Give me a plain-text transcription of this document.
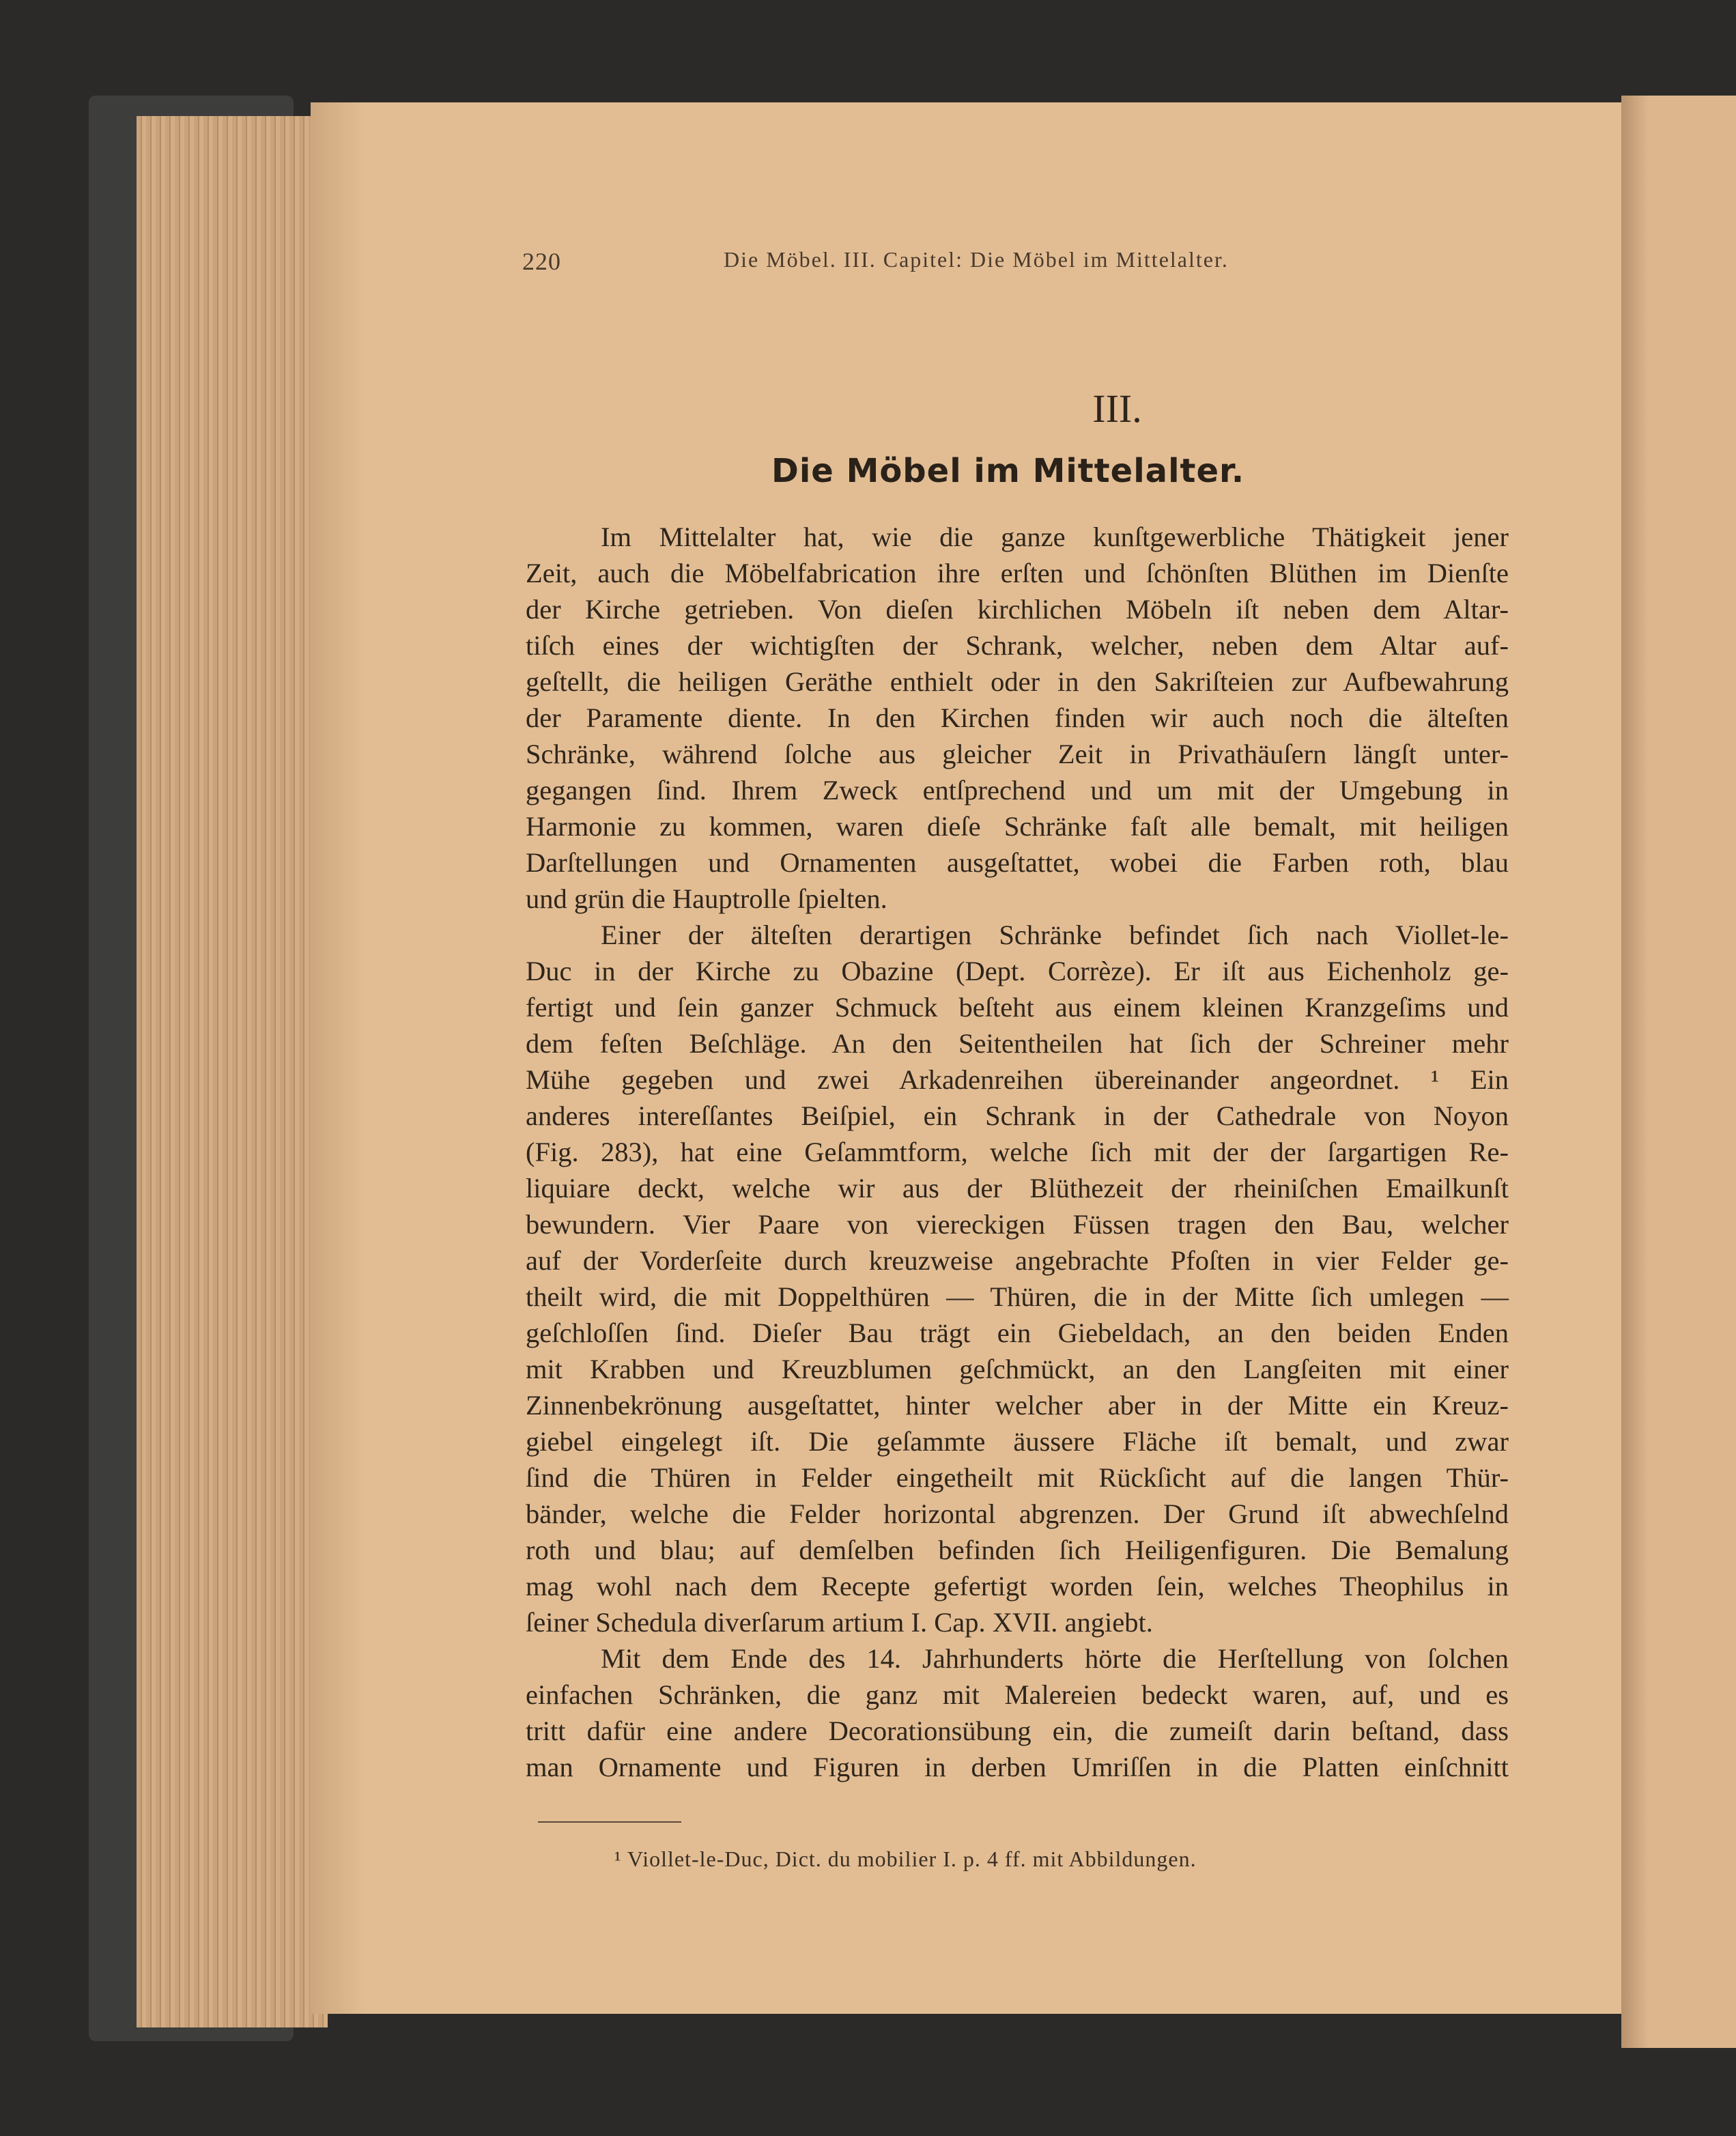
220	Die Möbel. III. Capitel: Die Möbel im Mittelalter.
III.
Die Möbel im Mittelalter.
Im Mittelalter hat, wie die ganze kunſtgewerbliche Thätigkeit jener
Zeit, auch die Möbelfabrication ihre erſten und ſchönſten Blüthen im Dienſte
der Kirche getrieben. Von dieſen kirchlichen Möbeln iſt neben dem Altar-
tiſch eines der wichtigſten der Schrank, welcher, neben dem Altar auf-
geſtellt, die heiligen Geräthe enthielt oder in den Sakriſteien zur Aufbewahrung
der Paramente diente. In den Kirchen finden wir auch noch die älteſten
Schränke, während ſolche aus gleicher Zeit in Privathäuſern längſt unter-
gegangen ſind. Ihrem Zweck entſprechend und um mit der Umgebung in
Harmonie zu kommen, waren dieſe Schränke faſt alle bemalt, mit heiligen
Darſtellungen und Ornamenten ausgeſtattet, wobei die Farben roth, blau
und grün die Hauptrolle ſpielten.
Einer der älteſten derartigen Schränke befindet ſich nach Viollet-le-
Duc in der Kirche zu Obazine (Dept. Corrèze). Er iſt aus Eichenholz ge-
fertigt und ſein ganzer Schmuck beſteht aus einem kleinen Kranzgeſims und
dem feſten Beſchläge. An den Seitentheilen hat ſich der Schreiner mehr
Mühe gegeben und zwei Arkadenreihen übereinander angeordnet. ¹ Ein
anderes intereſſantes Beiſpiel, ein Schrank in der Cathedrale von Noyon
(Fig. 283), hat eine Geſammtform, welche ſich mit der der ſargartigen Re-
liquiare deckt, welche wir aus der Blüthezeit der rheiniſchen Emailkunſt
bewundern. Vier Paare von viereckigen Füssen tragen den Bau, welcher
auf der Vorderſeite durch kreuzweise angebrachte Pfoſten in vier Felder ge-
theilt wird, die mit Doppelthüren — Thüren, die in der Mitte ſich umlegen —
geſchloſſen ſind. Dieſer Bau trägt ein Giebeldach, an den beiden Enden
mit Krabben und Kreuzblumen geſchmückt, an den Langſeiten mit einer
Zinnenbekrönung ausgeſtattet, hinter welcher aber in der Mitte ein Kreuz-
giebel eingelegt iſt. Die geſammte äussere Fläche iſt bemalt, und zwar
ſind die Thüren in Felder eingetheilt mit Rückſicht auf die langen Thür-
bänder, welche die Felder horizontal abgrenzen. Der Grund iſt abwechſelnd
roth und blau; auf demſelben befinden ſich Heiligenfiguren. Die Bemalung
mag wohl nach dem Recepte gefertigt worden ſein, welches Theophilus in
ſeiner Schedula diverſarum artium I. Cap. XVII. angiebt.
Mit dem Ende des 14. Jahrhunderts hörte die Herſtellung von ſolchen
einfachen Schränken, die ganz mit Malereien bedeckt waren, auf, und es
tritt dafür eine andere Decorationsübung ein, die zumeiſt darin beſtand, dass
man Ornamente und Figuren in derben Umriſſen in die Platten einſchnitt
¹ Viollet-le-Duc, Dict. du mobilier I. p. 4 ff. mit Abbildungen.
